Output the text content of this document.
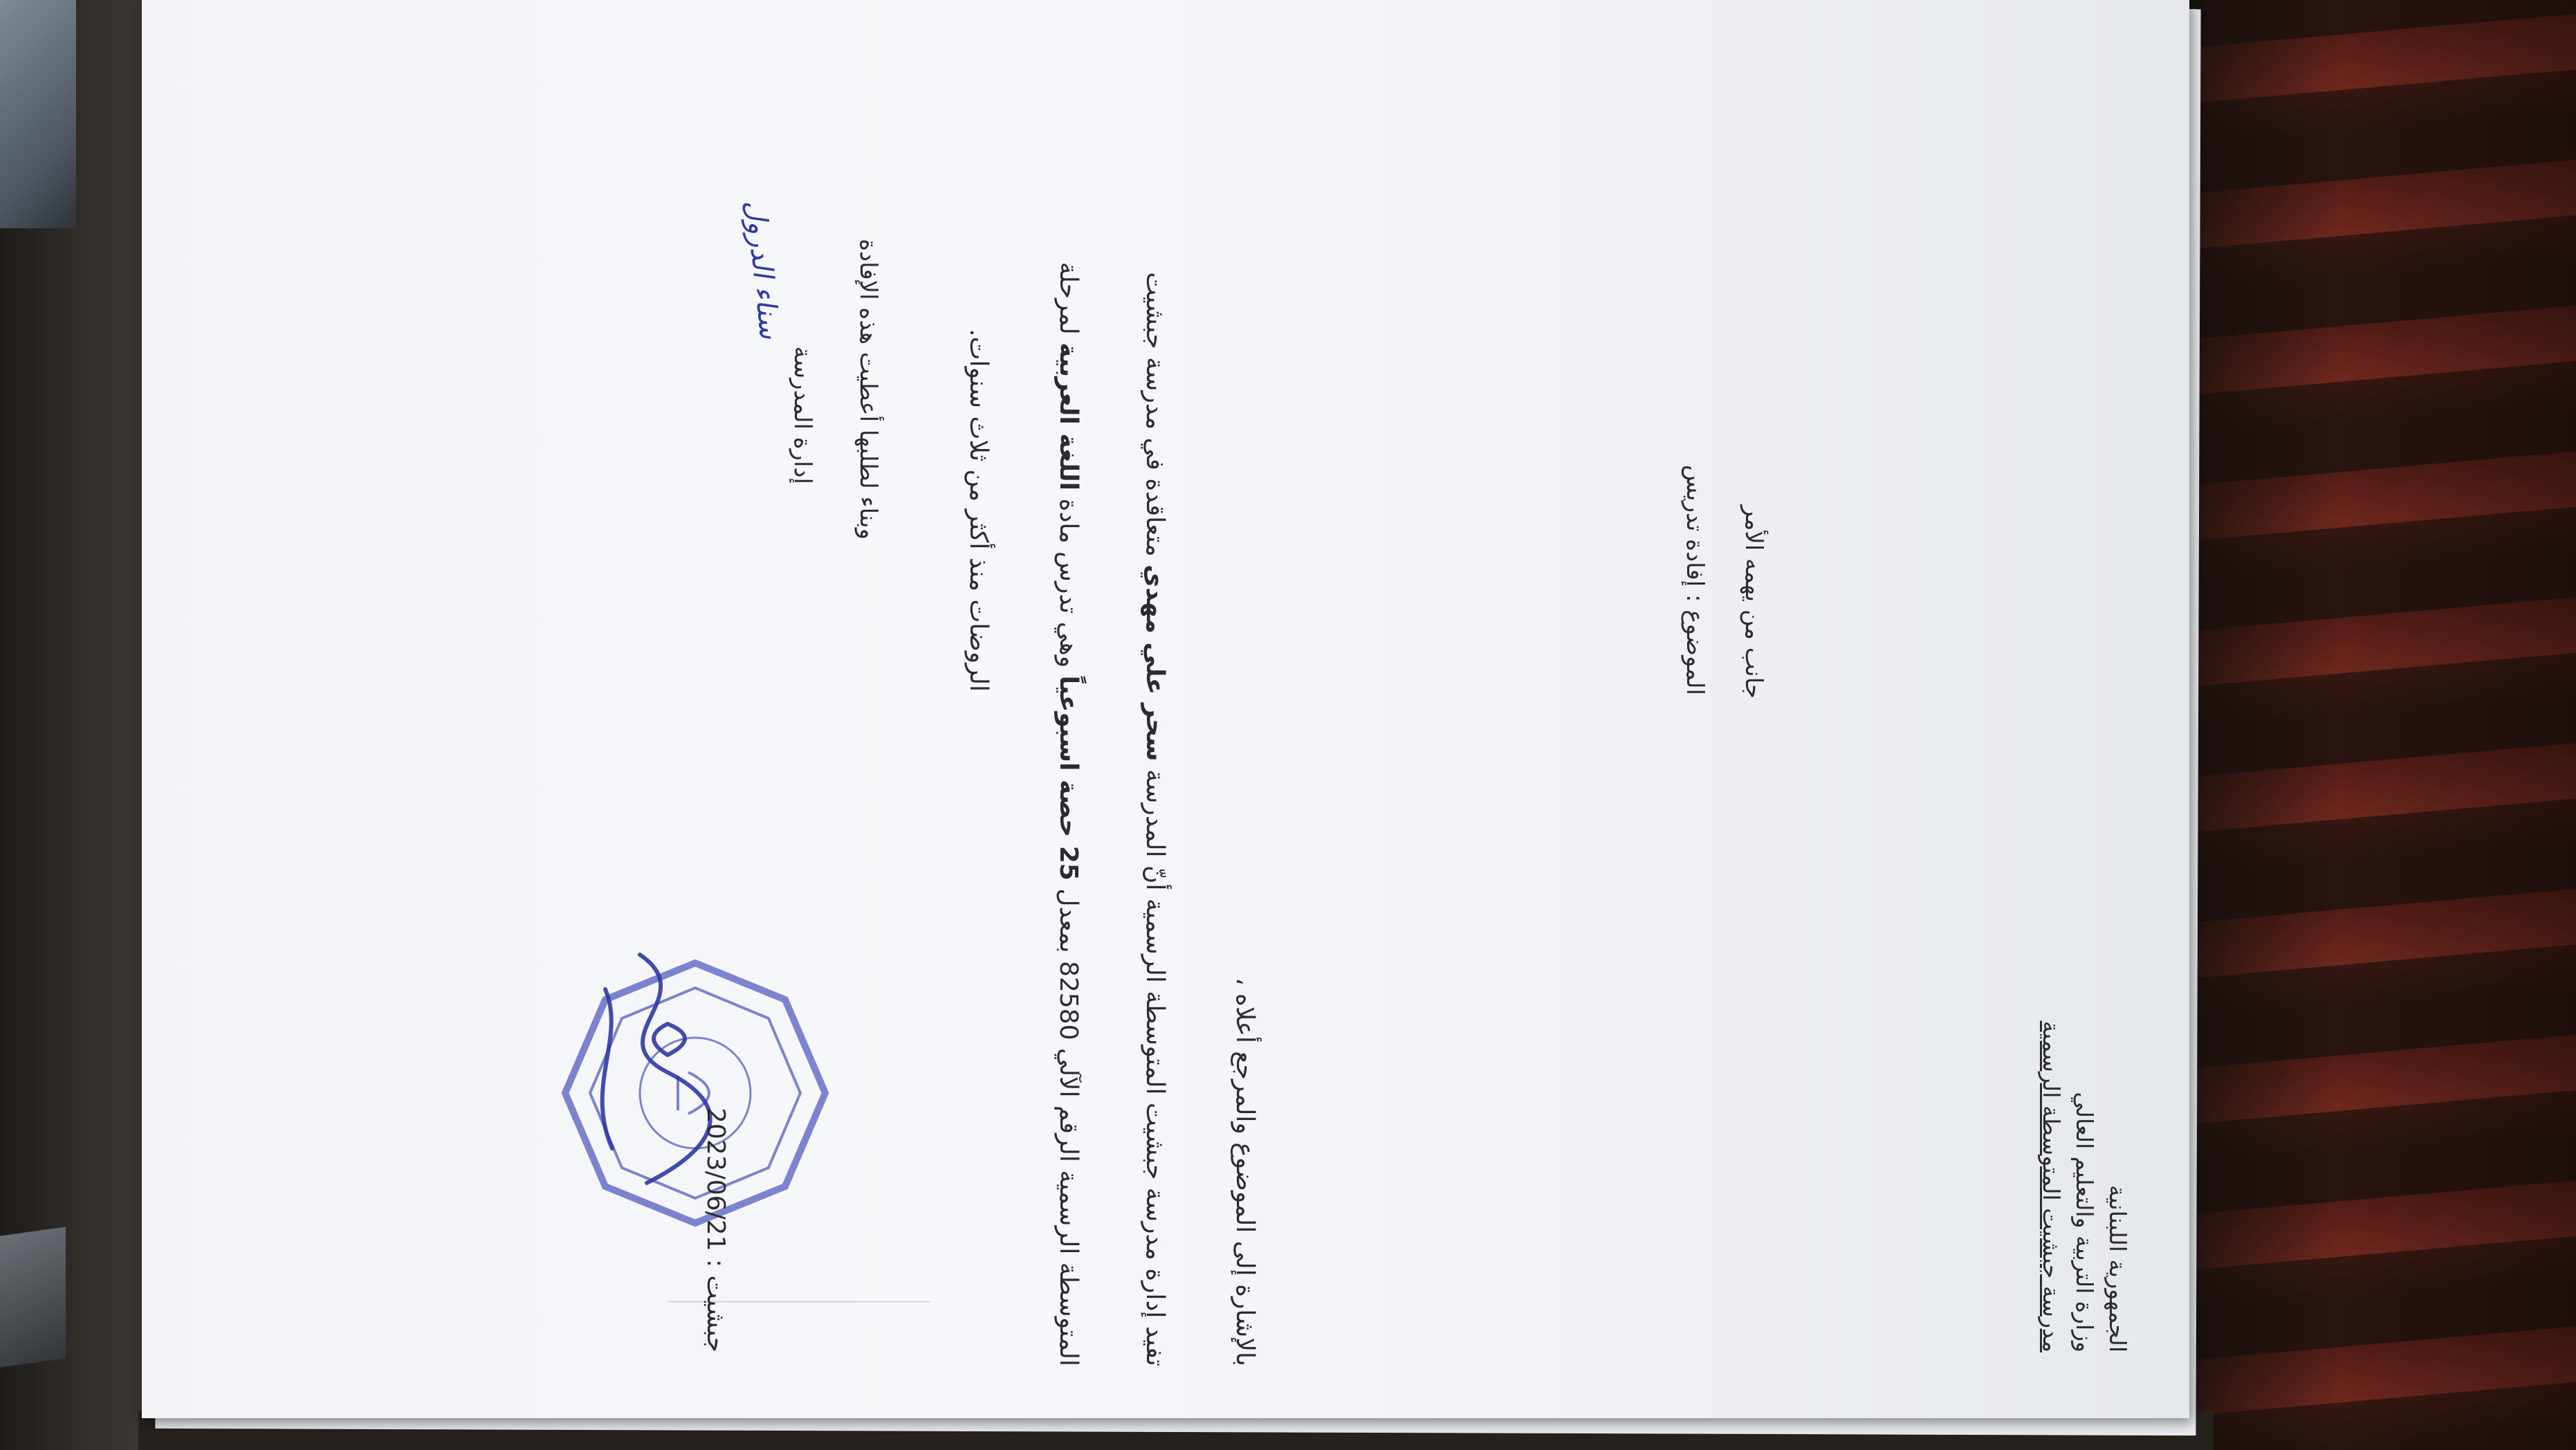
الجمهورية اللبنانية
وزارة التربية والتعليم العالي
مدرسة جبشيت المتوسطة الرسمية
جانب من يهمه الأمر
الموضوع : إفادة تدريس
بالإشارة إلى الموضوع والمرجع أعلاه ،
تفيد إدارة مدرسة جبشيت المتوسطة الرسمية أنّ المدرسة سحر علي مهدي متعاقدة في مدرسة جبشيت
المتوسطة الرسمية الرقم الآلي 82580 بمعدل 25 حصة اسبوعياً وهي تدرس مادة اللغة العربية لمرحلة
الروضات منذ أكثر من ثلاث سنوات.
وبناء لطلبها أعطيت هذه الإفادة
إدارة المدرسة
سناء الدرول
جبشيت : 2023/06/21
